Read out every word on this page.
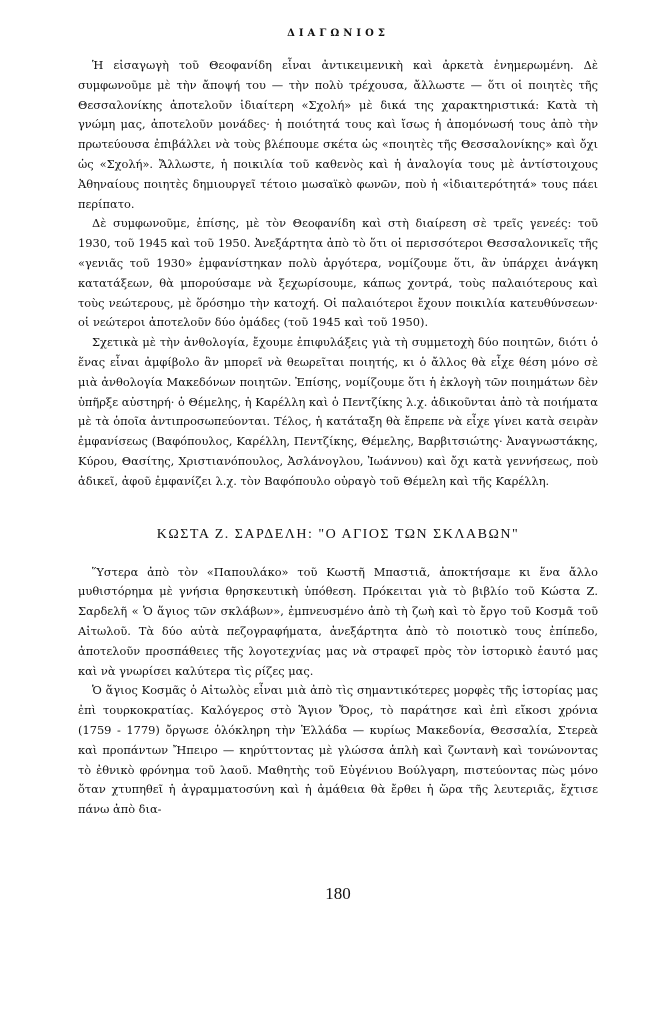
ΔΙΑΓΩΝΙΟΣ

Ἡ εἰσαγωγὴ τοῦ Θεοφανίδη εἶναι ἀντικειμενικὴ καὶ ἀρκετὰ ἐνημερωμένη. Δὲ συμφωνοῦμε μὲ τὴν ἄποψή του — τὴν πολὺ τρέχουσα, ἄλλωστε — ὅτι οἱ ποιητὲς τῆς Θεσσαλονίκης ἀποτελοῦν ἰδιαίτερη «Σχολή» μὲ δικά της χαρακτηριστικά: Κατὰ τὴ γνώμη μας, ἀποτελοῦν μονάδες· ἡ ποιότητά τους καὶ ἴσως ἡ ἀπομόνωσή τους ἀπὸ τὴν πρωτεύουσα ἐπιβάλλει νὰ τοὺς βλέπουμε σκέτα ὡς «ποιητὲς τῆς Θεσσαλονίκης» καὶ ὄχι ὡς «Σχολή». Ἄλλωστε, ἡ ποικιλία τοῦ καθενὸς καὶ ἡ ἀναλογία τους μὲ ἀντίστοιχους Ἀθηναίους ποιητὲς δημιουργεῖ τέτοιο μωσαϊκὸ φωνῶν, ποὺ ἡ «ἰδιαιτερότητά» τους πάει περίπατο.

Δὲ συμφωνοῦμε, ἐπίσης, μὲ τὸν Θεοφανίδη καὶ στὴ διαίρεση σὲ τρεῖς γενεές: τοῦ 1930, τοῦ 1945 καὶ τοῦ 1950. Ἀνεξάρτητα ἀπὸ τὸ ὅτι οἱ περισσότεροι Θεσσαλονικεῖς τῆς «γενιᾶς τοῦ 1930» ἐμφανίστηκαν πολὺ ἀργότερα, νομίζουμε ὅτι, ἂν ὑπάρχει ἀνάγκη κατατάξεων, θὰ μπορούσαμε νὰ ξεχωρίσουμε, κάπως χοντρά, τοὺς παλαιότερους καὶ τοὺς νεώτερους, μὲ ὅρόσημο τὴν κατοχή. Οἱ παλαιότεροι ἔχουν ποικιλία κατευθύνσεων· οἱ νεώτεροι ἀποτελοῦν δύο ὁμάδες (τοῦ 1945 καὶ τοῦ 1950).

Σχετικὰ μὲ τὴν ἀνθολογία, ἔχουμε ἐπιφυλάξεις γιὰ τὴ συμμετοχὴ δύο ποιητῶν, διότι ὁ ἕνας εἶναι ἀμφίβολο ἂν μπορεῖ νὰ θεωρεῖται ποιητής, κι ὁ ἄλλος θὰ εἶχε θέση μόνο σὲ μιὰ ἀνθολογία Μακεδόνων ποιητῶν. Ἐπίσης, νομίζουμε ὅτι ἡ ἐκλογὴ τῶν ποιημάτων δὲν ὑπῆρξε αὐστηρή· ὁ Θέμελης, ἡ Καρέλλη καὶ ὁ Πεντζίκης λ.χ. ἀδικοῦνται ἀπὸ τὰ ποιήματα μὲ τὰ ὁποῖα ἀντιπροσωπεύονται. Τέλος, ἡ κατάταξη θὰ ἔπρεπε νὰ εἶχε γίνει κατὰ σειρὰν ἐμφανίσεως (Βαφόπουλος, Καρέλλη, Πεντζίκης, Θέμελης, Βαρβιτσιώτης· Ἀναγνωστάκης, Κύρου, Θασίτης, Χριστιανόπουλος, Ἀσλάνογλου, Ἰωάννου) καὶ ὄχι κατὰ γεννήσεως, ποὺ ἀδικεῖ, ἀφοῦ ἐμφανίζει λ.χ. τὸν Βαφόπουλο οὐραγὸ τοῦ Θέμελη καὶ τῆς Καρέλλη.

ΚΩΣΤΑ Ζ. ΣΑΡΔΕΛΗ: "Ο ΑΓΙΟΣ ΤΩΝ ΣΚΛΑΒΩΝ"

Ὕστερα ἀπὸ τὸν «Παπουλάκο» τοῦ Κωστῆ Μπαστιᾶ, ἀποκτήσαμε κι ἕνα ἄλλο μυθιστόρημα μὲ γνήσια θρησκευτικὴ ὑπόθεση. Πρόκειται γιὰ τὸ βιβλίο τοῦ Κώστα Ζ. Σαρδελῆ « Ὁ ἅγιος τῶν σκλάβων», ἐμπνευσμένο ἀπὸ τὴ ζωὴ καὶ τὸ ἔργο τοῦ Κοσμᾶ τοῦ Αἰτωλοῦ. Τὰ δύο αὐτὰ πεζογραφήματα, ἀνεξάρτητα ἀπὸ τὸ ποιοτικὸ τους ἐπίπεδο, ἀποτελοῦν προσπάθειες τῆς λογοτεχνίας μας νὰ στραφεῖ πρὸς τὸν ἱστορικὸ ἑαυτό μας καὶ νὰ γνωρίσει καλύτερα τὶς ρίζες μας.

Ὁ ἅγιος Κοσμᾶς ὁ Αἰτωλὸς εἶναι μιὰ ἀπὸ τὶς σημαντικότερες μορφὲς τῆς ἱστορίας μας ἐπὶ τουρκοκρατίας. Καλόγερος στὸ Ἅγιον Ὄρος, τὸ παράτησε καὶ ἐπὶ εἴκοσι χρόνια (1759 - 1779) ὄργωσε ὁλόκληρη τὴν Ἑλλάδα — κυρίως Μακεδονία, Θεσσαλία, Στερεὰ καὶ προπάντων Ἤπειρο — κηρύττοντας μὲ γλώσσα ἁπλὴ καὶ ζωντανὴ καὶ τονώνοντας τὸ ἐθνικὸ φρόνημα τοῦ λαοῦ. Μαθητὴς τοῦ Εὐγένιου Βούλγαρη, πιστεύοντας πὼς μόνο ὅταν χτυπηθεῖ ἡ ἀγραμματοσύνη καὶ ἡ ἀμάθεια θὰ ἔρθει ἡ ὥρα τῆς λευτεριᾶς, ἔχτισε πάνω ἀπὸ δια-

180
